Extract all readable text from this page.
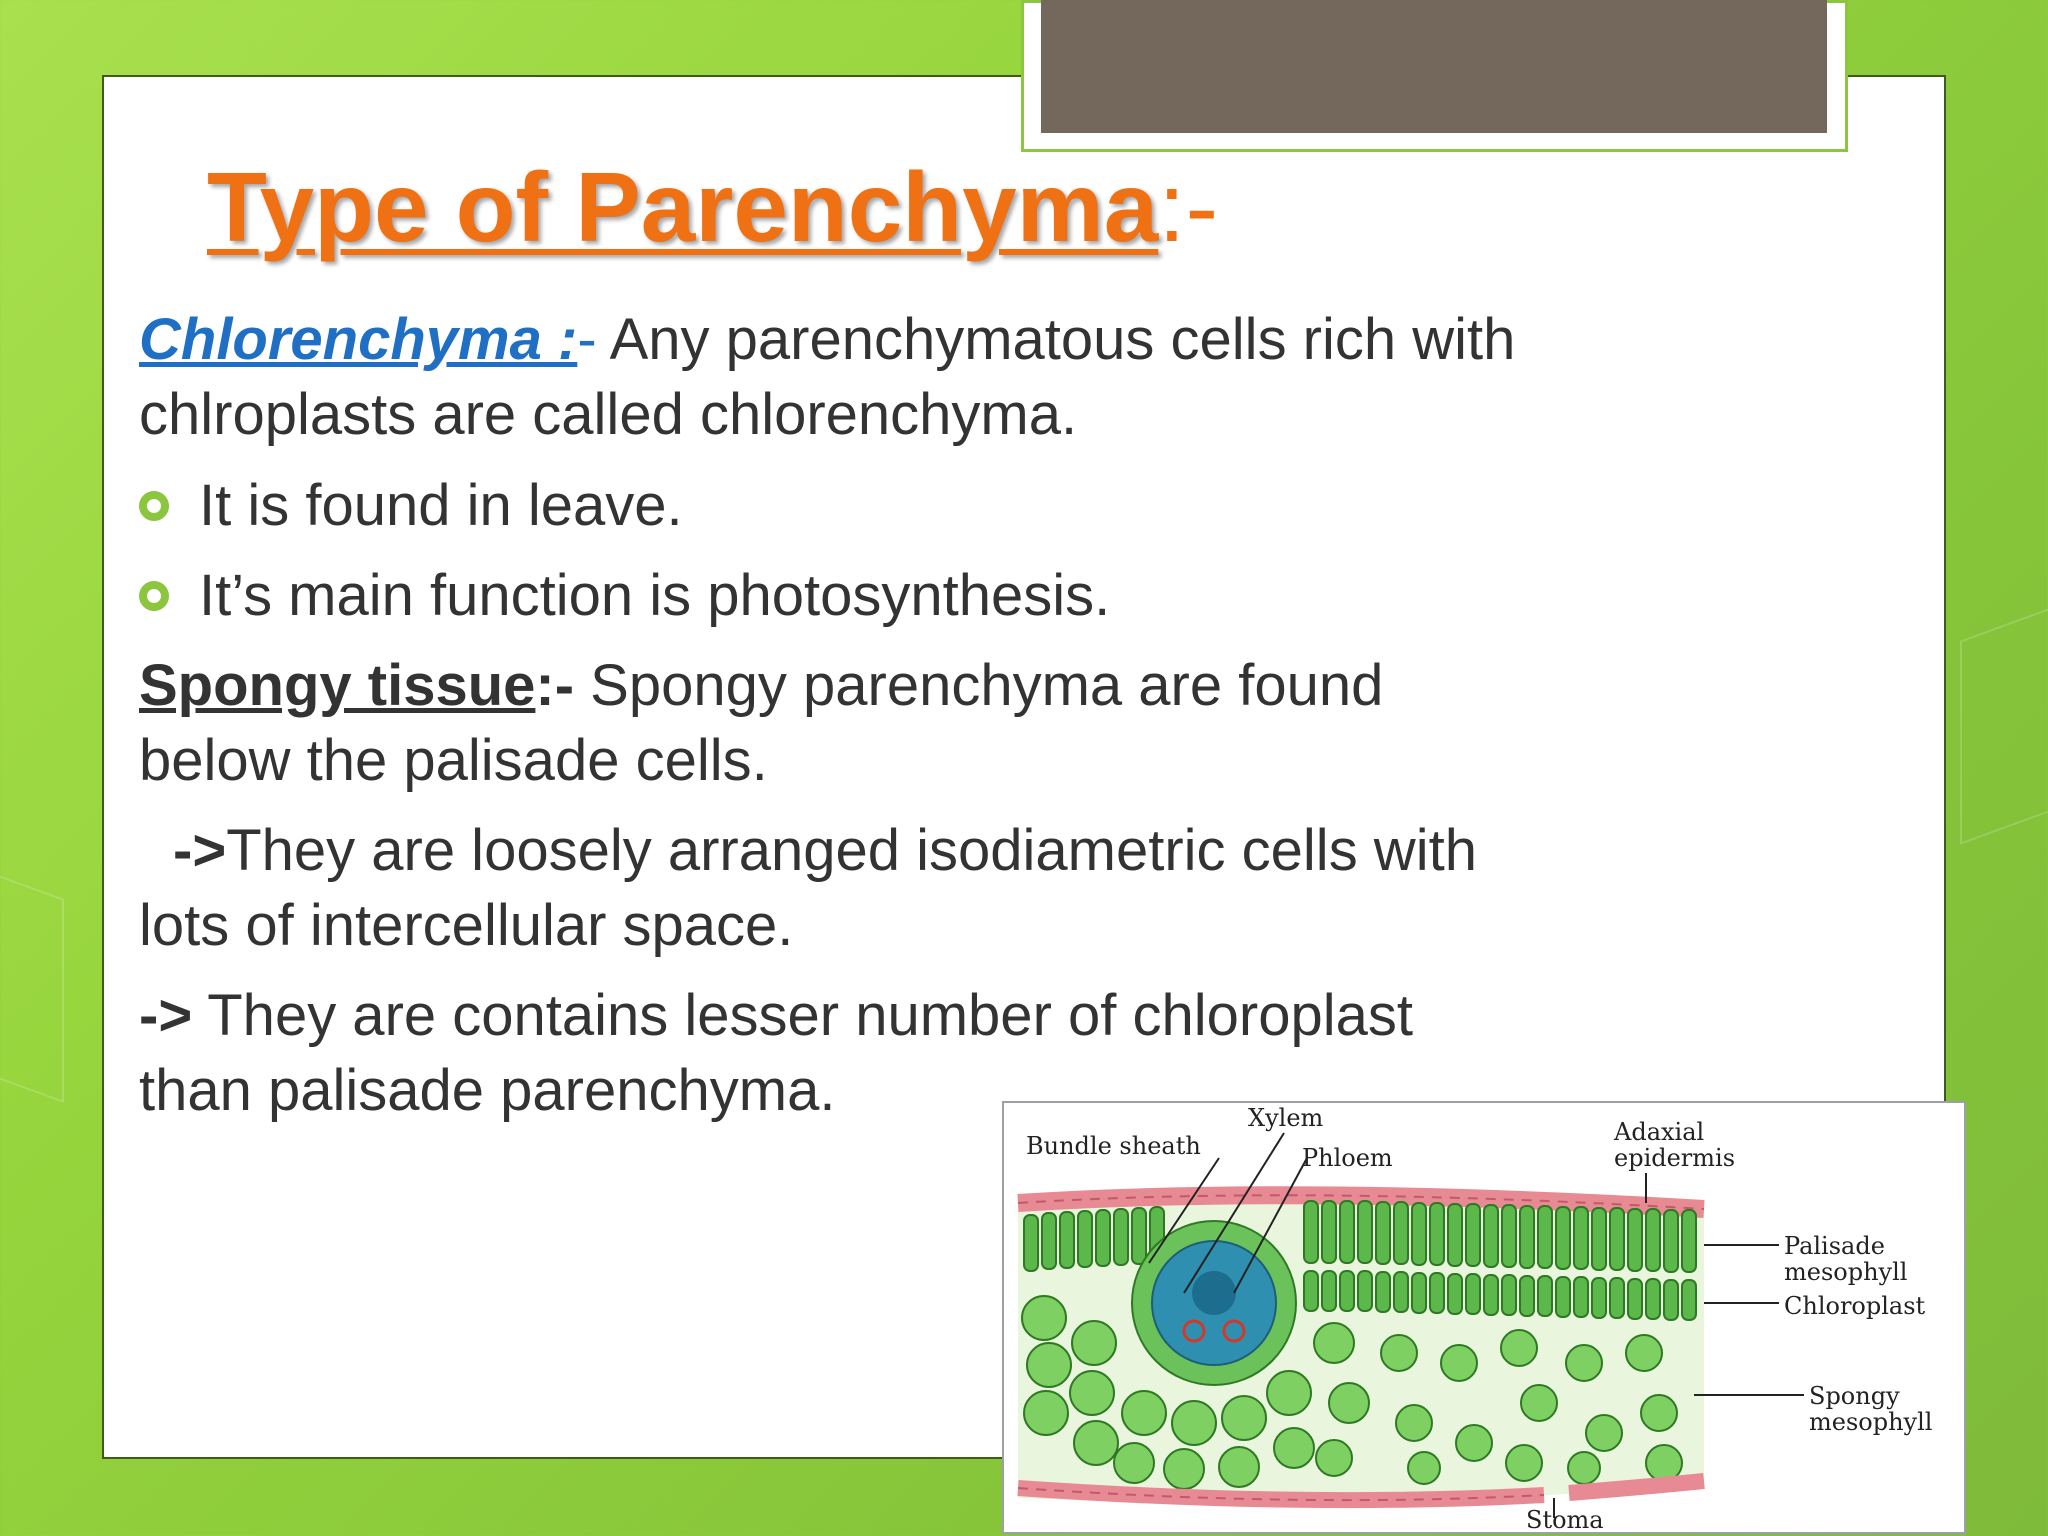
Type of Parenchyma:-

Chlorenchyma :- Any parenchymatous cells rich with
chlroplasts are called chlorenchyma.

It is found in leave.
It’s main function is photosynthesis.

Spongy tissue:- Spongy parenchyma are found
below the palisade cells.

->They are loosely arranged isodiametric cells with
lots of intercellular space.

-> They are contains lesser number of chloroplast
than palisade parenchyma.	Xylem
Bundle sheath	Phloem
Adaxial
epidermis
Palisade
mesophyll
Chloroplast
Spongy
mesophyll
Stoma
